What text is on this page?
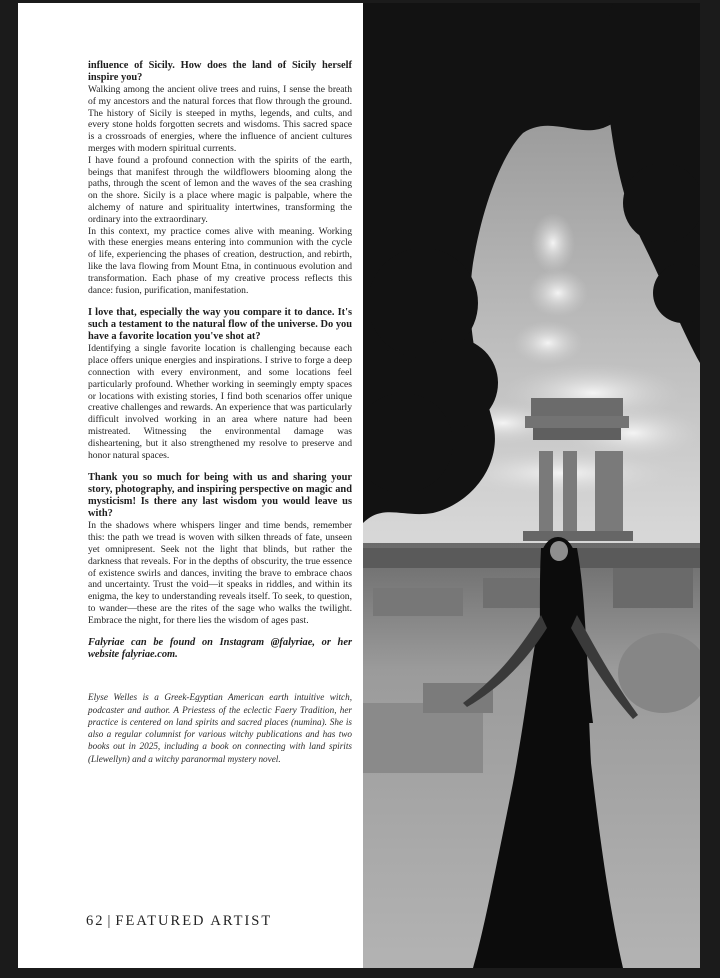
influence of Sicily. How does the land of Sicily herself inspire you?

Walking among the ancient olive trees and ruins, I sense the breath of my ancestors and the natural forces that flow through the ground. The history of Sicily is steeped in myths, legends, and cults, and every stone holds forgotten secrets and wisdoms. This sacred space is a crossroads of energies, where the influence of ancient cultures merges with modern spiritual currents.

I have found a profound connection with the spirits of the earth, beings that manifest through the wildflowers blooming along the paths, through the scent of lemon and the waves of the sea crashing on the shore. Sicily is a place where magic is palpable, where the alchemy of nature and spirituality intertwines, transforming the ordinary into the extraordinary.

In this context, my practice comes alive with meaning. Working with these energies means entering into communion with the cycle of life, experiencing the phases of creation, destruction, and rebirth, like the lava flowing from Mount Etna, in continuous evolution and transformation. Each phase of my creative process reflects this dance: fusion, purification, manifestation.

I love that, especially the way you compare it to dance. It's such a testament to the natural flow of the universe. Do you have a favorite location you've shot at?

Identifying a single favorite location is challenging because each place offers unique energies and inspirations. I strive to forge a deep connection with every environment, and some locations feel particularly profound. Whether working in seemingly empty spaces or locations with existing stories, I find both scenarios offer unique creative challenges and rewards. An experience that was particularly difficult involved working in an area where nature had been mistreated. Witnessing the environmental damage was disheartening, but it also strengthened my resolve to preserve and honor natural spaces.

Thank you so much for being with us and sharing your story, photography, and inspiring perspective on magic and mysticism! Is there any last wisdom you would leave us with?

In the shadows where whispers linger and time bends, remember this: the path we tread is woven with silken threads of fate, unseen yet omnipresent. Seek not the light that blinds, but rather the darkness that reveals. For in the depths of obscurity, the true essence of existence swirls and dances, inviting the brave to embrace chaos and uncertainty. Trust the void—it speaks in riddles, and within its enigma, the key to understanding reveals itself. To seek, to question, to wander—these are the rites of the sage who walks the twilight. Embrace the night, for there lies the wisdom of ages past.

Falyriae can be found on Instagram @falyriae, or her website falyriae.com.

Elyse Welles is a Greek-Egyptian American earth intuitive witch, podcaster and author. A Priestess of the eclectic Faery Tradition, her practice is centered on land spirits and sacred places (numina). She is also a regular columnist for various witchy publications and has two books out in 2025, including a book on connecting with land spirits (Llewellyn) and a witchy paranormal mystery novel.

62 | FEATURED ARTIST
